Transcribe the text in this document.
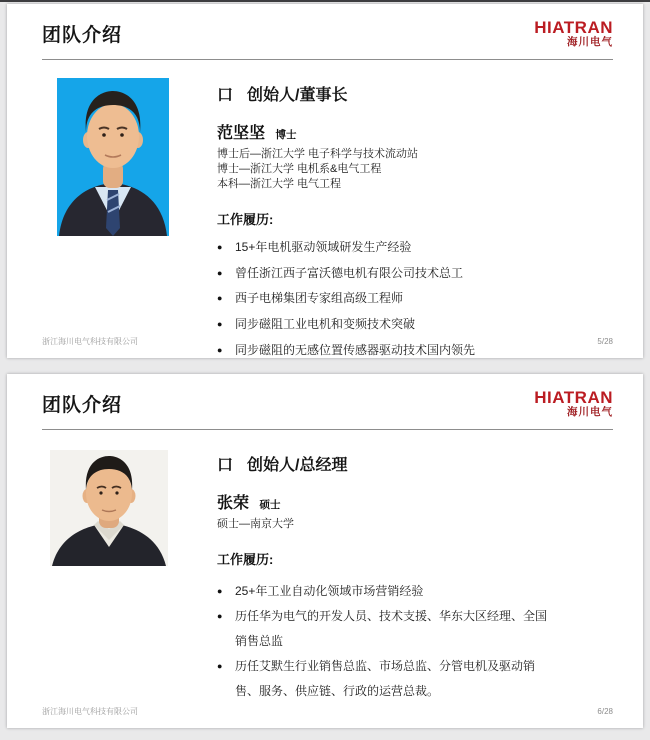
团队介绍	HIATRAN
海川电气
口 创始人/董事长
范坚坚 博士
博士后—浙江大学 电子科学与技术流动站
博士—浙江大学 电机系&电气工程
本科—浙江大学 电气工程
工作履历:
● 15+年电机驱动领域研发生产经验
● 曾任浙江西子富沃德电机有限公司技术总工
● 西子电梯集团专家组高级工程师
● 同步磁阻工业电机和变频技术突破
● 同步磁阻的无感位置传感器驱动技术国内领先
浙江海川电气科技有限公司	5/28
团队介绍	HIATRAN
海川电气
口 创始人/总经理
张荣 硕士
硕士—南京大学
工作履历:
● 25+年工业自动化领域市场营销经验
● 历任华为电气的开发人员、技术支援、华东大区经理、全国销售总监
● 历任艾默生行业销售总监、市场总监、分管电机及驱动销售、服务、供应链、行政的运营总裁。
浙江海川电气科技有限公司	6/28
